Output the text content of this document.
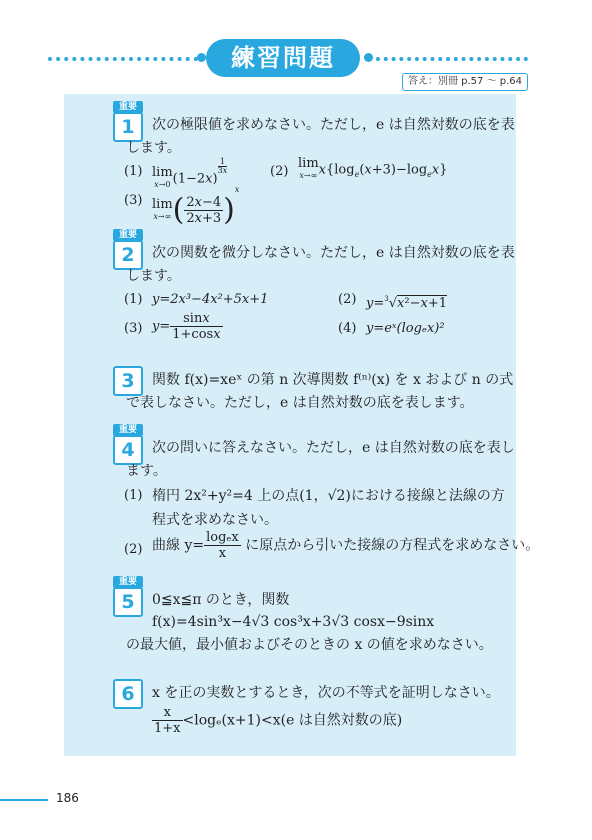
練習問題
答え：別冊 p.57 ～ p.64
重要
1	次の極限値を求めなさい。ただし，e は自然対数の底を表
します。
(1) lim
x→0 (1−2x)
$^{\frac{1}{3x}}$	(2)
lim
x→∞ $x\{\log_e(x+3)-\log_ex\}$
(3) lim
x→∞ ( $\frac{2x-4}{2x+3} )^x$
重要
2	次の関数を微分しなさい。ただし，e は自然対数の底を表
します。
(1) y=2x³−4x²+5x+1	(2) y=$^3$√x²−x+1
(3) $y= \frac{\sin x}{1+\cos x}$	(4) y=eˣ(logₑx)²
3	関数 f(x)=xeˣ の第 n 次導関数 f⁽ⁿ⁾(x) を x および n の式
で表しなさい。ただし，e は自然対数の底を表します。
重要
4	次の問いに答えなさい。ただし，e は自然対数の底を表し
ます。
(1) 楕円 2x²+y²=4 上の点(1，√2)における接線と法線の方
程式を求めなさい。
(2) 曲線 $y= \frac{\text{logₑx}}{x}$ に原点から引いた接線の方程式を求めなさい。
重要
5	0≦x≦π のとき，関数
f(x)=4sin³x−4√3 cos³x+3√3 cosx−9sinx
の最大値，最小値およびそのときの x の値を求めなさい。
6	x を正の実数とするとき，次の不等式を証明しなさい。
$\frac{x}{1+x} <\log_e(x+1)<x(e$ は自然対数の底)
186
